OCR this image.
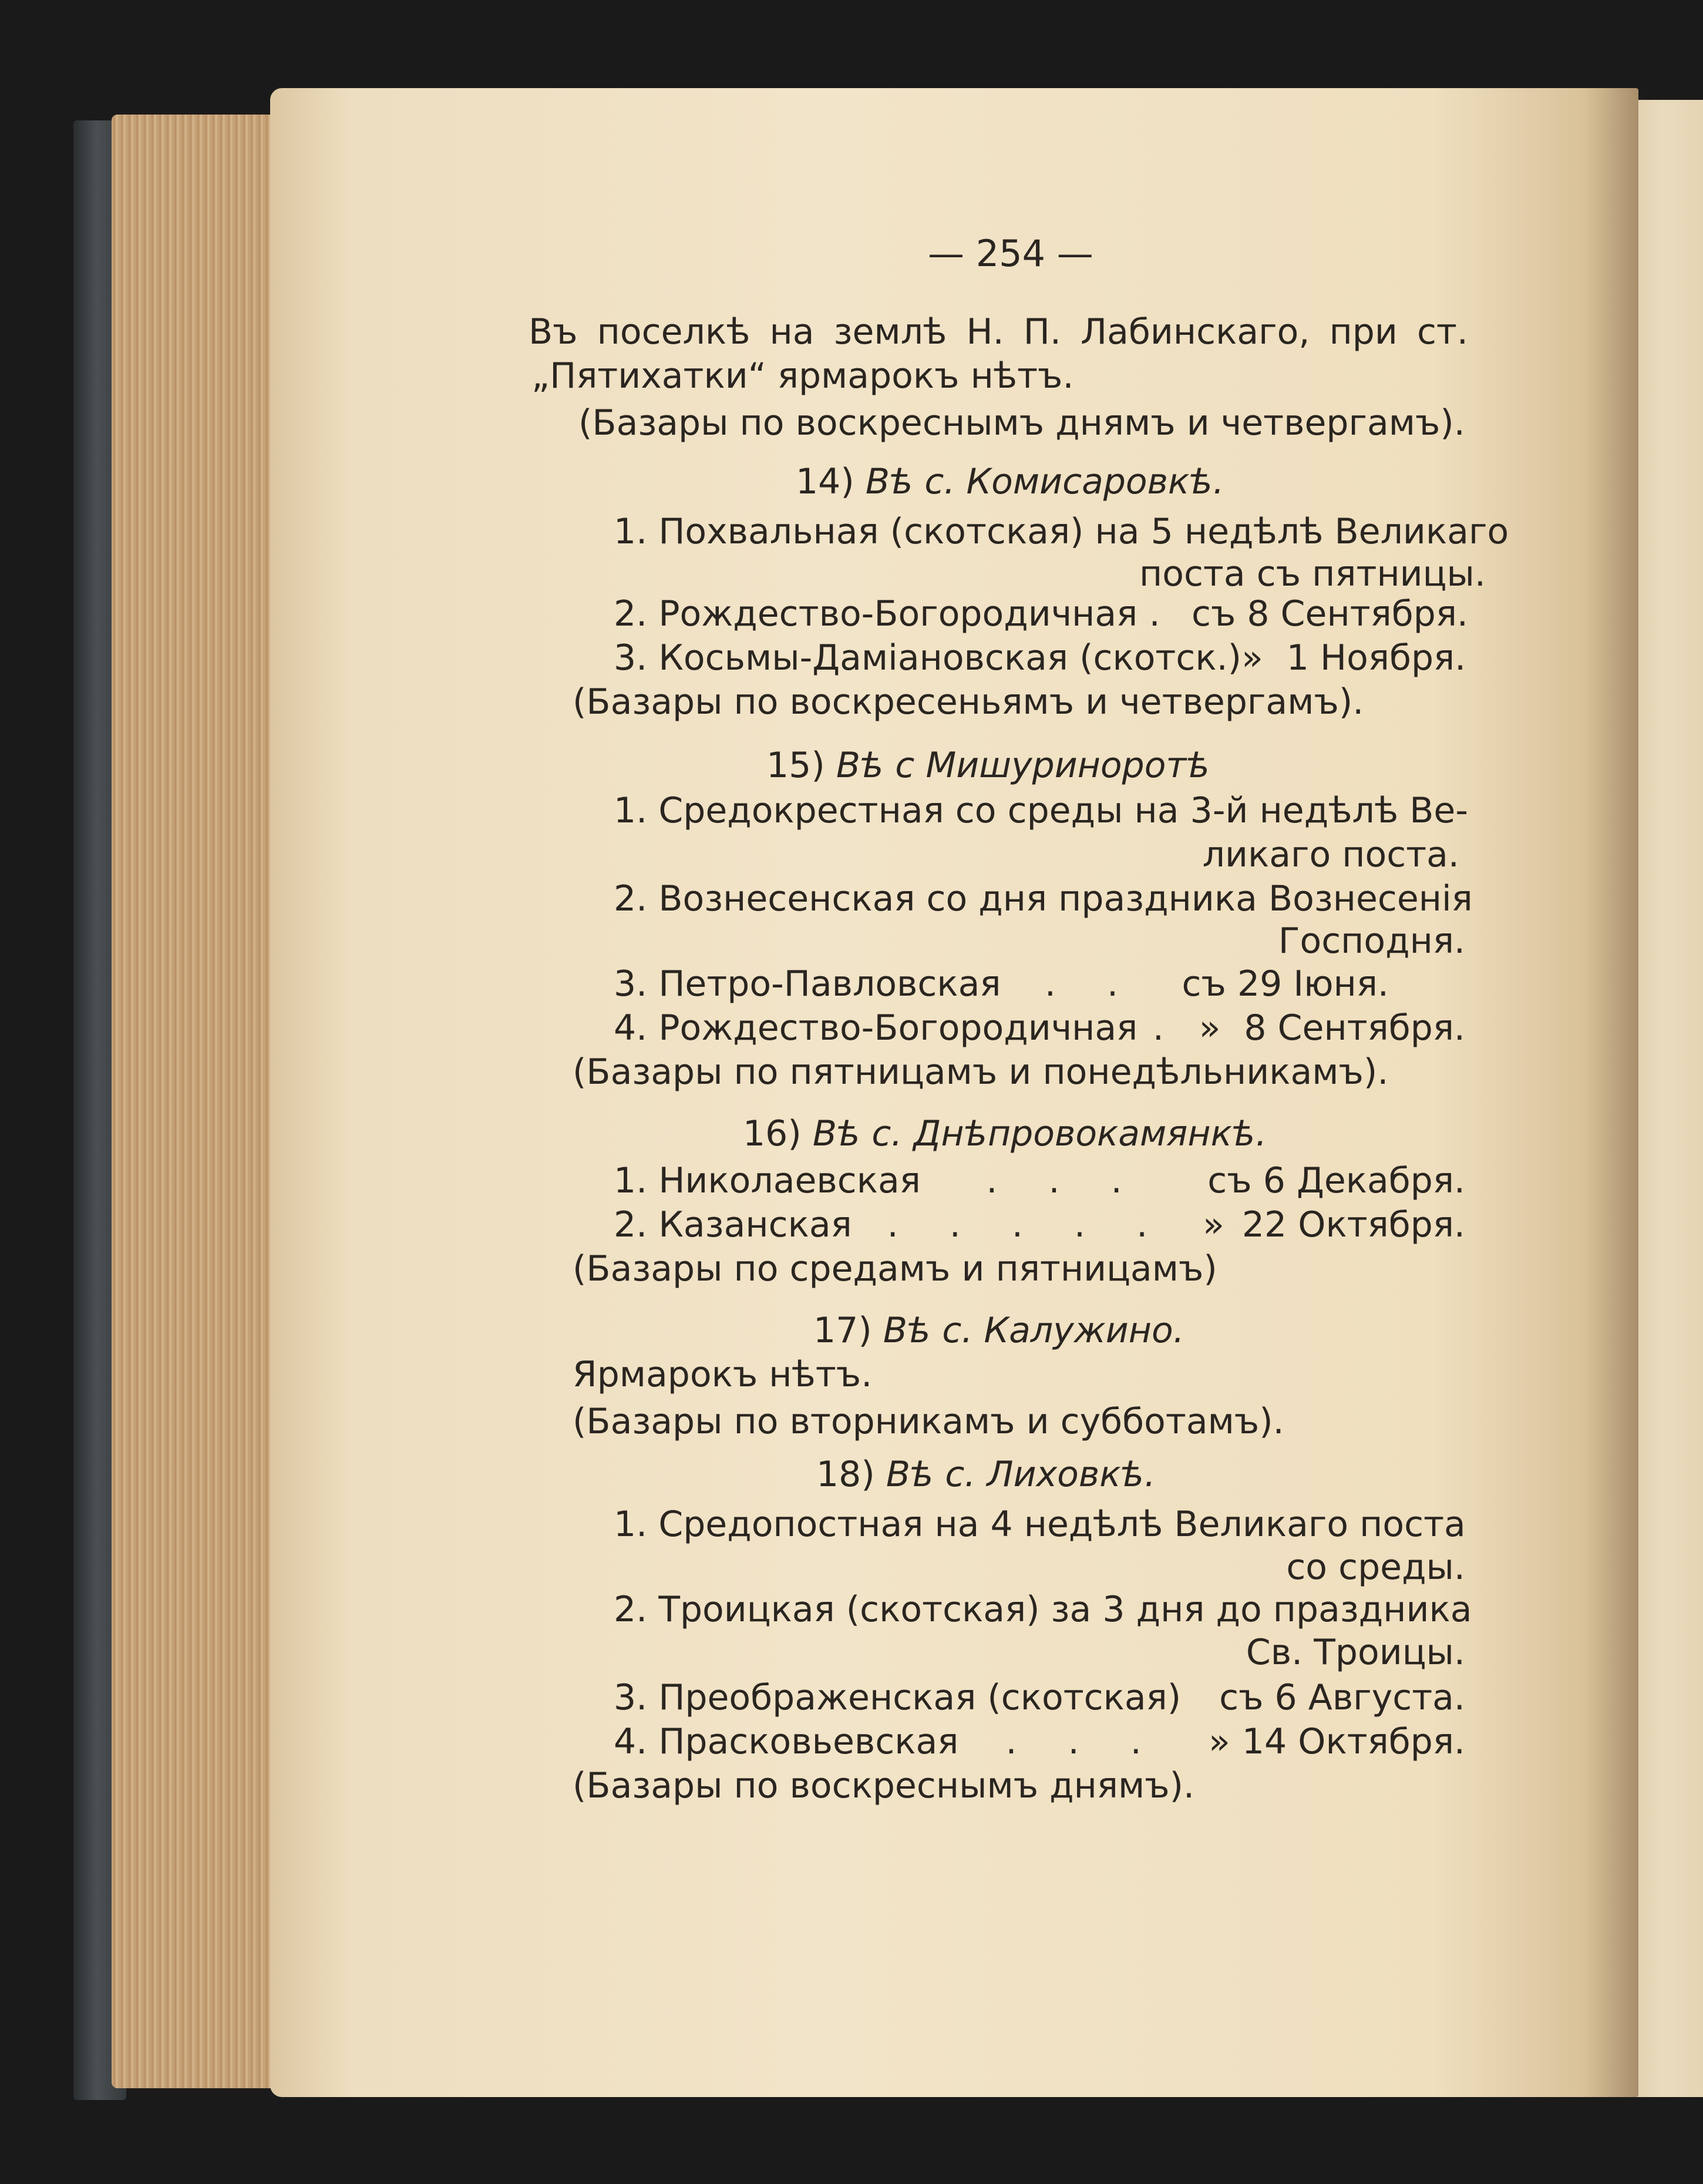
— 254 —
Въ поселкѣ на землѣ Н. П. Лабинскаго, при ст.
„Пятихатки“ ярмарокъ нѣтъ.
(Базары по воскреснымъ днямъ и четвергамъ).
14) Вѣ с. Комисаровкѣ.
1. Похвальная (скотская) на 5 недѣлѣ Великаго
поста съ пятницы.
2. Рождество-Богородичная . съ 8 Сентября.
3. Косьмы-Даміановская (скотск.) » 1 Ноября.
(Базары по воскресеньямъ и четвергамъ).
15) Вѣ с Мишуриноротѣ
1. Средокрестная со среды на 3-й недѣлѣ Ве-
ликаго поста.
2. Вознесенская со дня праздника Вознесенія
Господня.
3. Петро-Павловская	. .	съ 29 Іюня.
4. Рождество-Богородичная . » 8 Сентября.
(Базары по пятницамъ и понедѣльникамъ).
16) Вѣ с. Днѣпровокамянкѣ.
1. Николаевская	. . .	съ 6 Декабря.
2. Казанская . . . . . » 22 Октября.
(Базары по средамъ и пятницамъ)
17) Вѣ с. Калужино.
Ярмарокъ нѣтъ.
(Базары по вторникамъ и субботамъ).
18) Вѣ с. Лиховкѣ.
1. Средопостная на 4 недѣлѣ Великаго поста
со среды.
2. Троицкая (скотская) за 3 дня до праздника
Св. Троицы.
3. Преображенская (скотская) съ 6 Августа.
4. Прасковьевская	. . .	» 14 Октября.
(Базары по воскреснымъ днямъ).
